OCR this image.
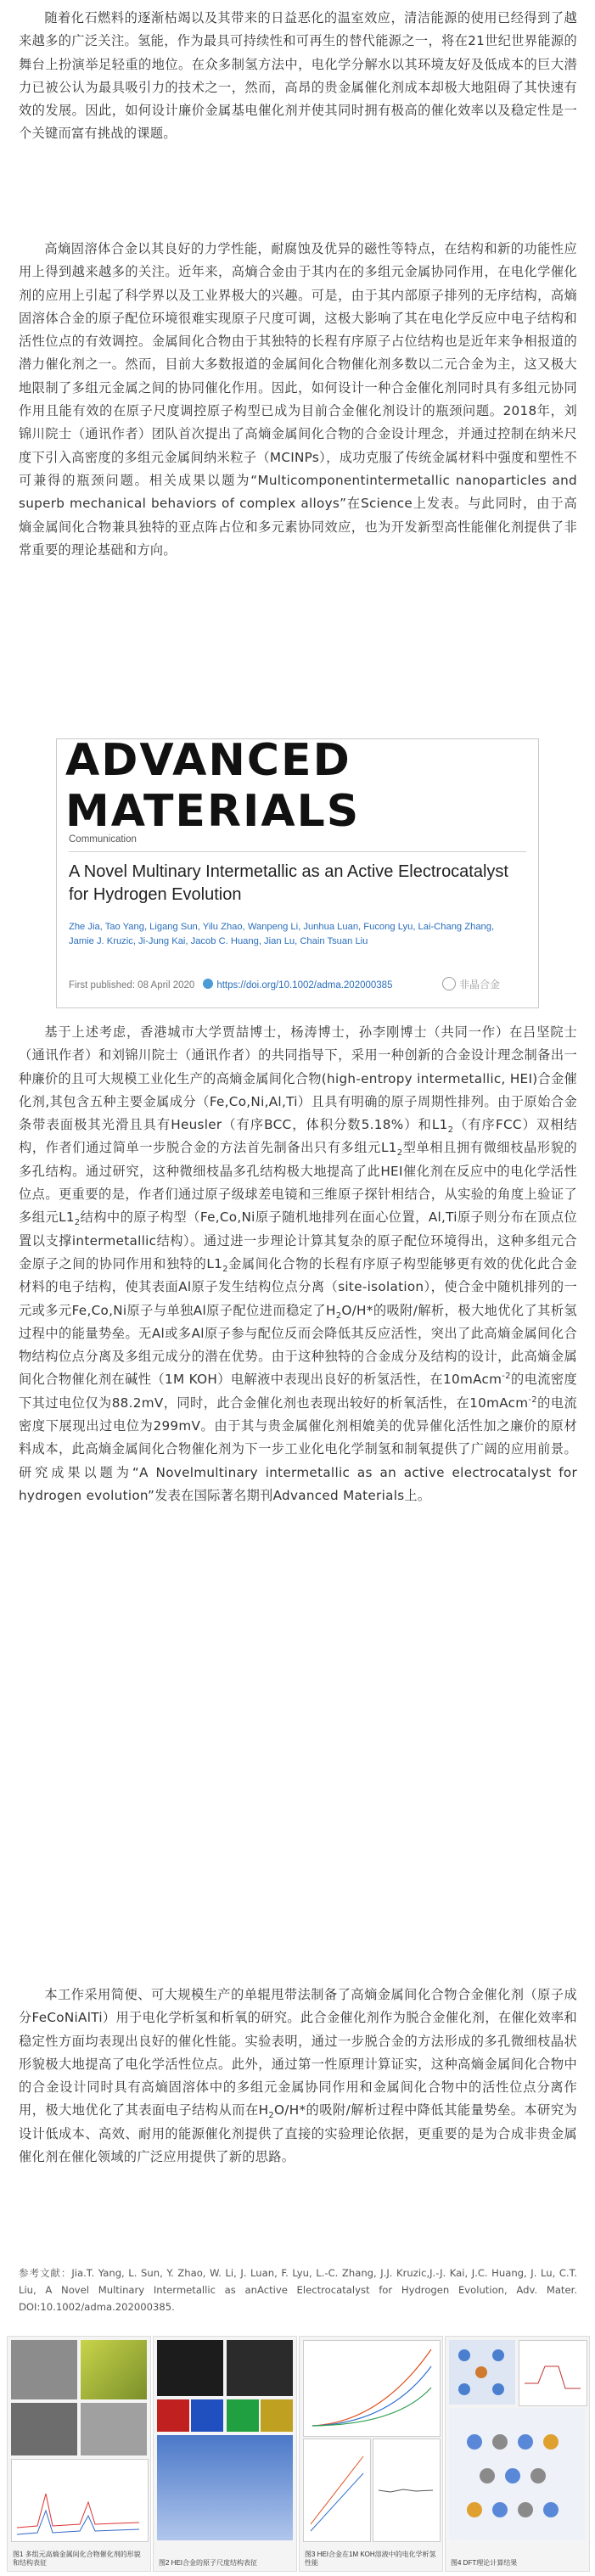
随着化石燃料的逐渐枯竭以及其带来的日益恶化的温室效应，清洁能源的使用已经得到了越来越多的广泛关注。氢能，作为最具可持续性和可再生的替代能源之一，将在21世纪世界能源的舞台上扮演举足轻重的地位。在众多制氢方法中，电化学分解水以其环境友好及低成本的巨大潜力已被公认为最具吸引力的技术之一，然而，高昂的贵金属催化剂成本却极大地阻碍了其快速有效的发展。因此，如何设计廉价金属基电催化剂并使其同时拥有极高的催化效率以及稳定性是一个关键而富有挑战的课题。

高熵固溶体合金以其良好的力学性能，耐腐蚀及优异的磁性等特点，在结构和新的功能性应用上得到越来越多的关注。近年来，高熵合金由于其内在的多组元金属协同作用，在电化学催化剂的应用上引起了科学界以及工业界极大的兴趣。可是，由于其内部原子排列的无序结构，高熵固溶体合金的原子配位环境很难实现原子尺度可调，这极大影响了其在电化学反应中电子结构和活性位点的有效调控。金属间化合物由于其独特的长程有序原子占位结构也是近年来争相报道的潜力催化剂之一。然而，目前大多数报道的金属间化合物催化剂多数以二元合金为主，这又极大地限制了多组元金属之间的协同催化作用。因此，如何设计一种合金催化剂同时具有多组元协同作用且能有效的在原子尺度调控原子构型已成为目前合金催化剂设计的瓶颈问题。2018年，刘锦川院士（通讯作者）团队首次提出了高熵金属间化合物的合金设计理念，并通过控制在纳米尺度下引入高密度的多组元金属间纳米粒子（MCINPs），成功克服了传统金属材料中强度和塑性不可兼得的瓶颈问题。相关成果以题为“Multicomponentintermetallic nanoparticles and superb mechanical behaviors of complex alloys”在Science上发表。与此同时，由于高熵金属间化合物兼具独特的亚点阵占位和多元素协同效应，也为开发新型高性能催化剂提供了非常重要的理论基础和方向。

ADVANCED MATERIALS
Communication
A Novel Multinary Intermetallic as an Active Electrocatalyst for Hydrogen Evolution
Zhe Jia, Tao Yang, Ligang Sun, Yilu Zhao, Wanpeng Li, Junhua Luan, Fucong Lyu, Lai-Chang Zhang, Jamie J. Kruzic, Ji-Jung Kai, Jacob C. Huang, Jian Lu, Chain Tsuan Liu
First published: 08 April 2020 https://doi.org/10.1002/adma.202000385	非晶合金

基于上述考虑，香港城市大学贾喆博士，杨涛博士，孙李刚博士（共同一作）在吕坚院士（通讯作者）和刘锦川院士（通讯作者）的共同指导下，采用一种创新的合金设计理念制备出一种廉价的且可大规模工业化生产的高熵金属间化合物(high-entropy intermetallic, HEI)合金催化剂,其包含五种主要金属成分（Fe,Co,Ni,Al,Ti）且具有明确的原子周期性排列。由于原始合金条带表面极其光滑且具有Heusler（有序BCC，体积分数5.18%）和$L1_2$（有序FCC）双相结构，作者们通过简单一步脱合金的方法首先制备出只有多组元$L1_2$型单相且拥有微细枝晶形貌的多孔结构。通过研究，这种微细枝晶多孔结构极大地提高了此HEI催化剂在反应中的电化学活性位点。更重要的是，作者们通过原子级球差电镜和三维原子探针相结合，从实验的角度上验证了多组元$L1_2$结构中的原子构型（Fe,Co,Ni原子随机地排列在面心位置，Al,Ti原子则分布在顶点位置以支撑intermetallic结构）。通过进一步理论计算其复杂的原子配位环境得出，这种多组元合金原子之间的协同作用和独特的$L1_2$金属间化合物的长程有序原子构型能够更有效的优化此合金材料的电子结构，使其表面Al原子发生结构位点分离（site-isolation），使合金中随机排列的一元或多元Fe,Co,Ni原子与单独Al原子配位进而稳定了$H_2O/H*$的吸附/解析，极大地优化了其析氢过程中的能量势垒。无Al或多Al原子参与配位反而会降低其反应活性，突出了此高熵金属间化合物结构位点分离及多组元成分的潜在优势。由于这种独特的合金成分及结构的设计，此高熵金属间化合物催化剂在碱性（1M KOH）电解液中表现出良好的析氢活性，在10mAcm$^{-2}$的电流密度下其过电位仅为88.2mV，同时，此合金催化剂也表现出较好的析氧活性，在10mAcm$^{-2}$的电流密度下展现出过电位为299mV。由于其与贵金属催化剂相媲美的优异催化活性加之廉价的原材料成本，此高熵金属间化合物催化剂为下一步工业化电化学制氢和制氧提供了广阔的应用前景。研究成果以题为“A Novelmultinary intermetallic as an active electrocatalyst for hydrogen evolution”发表在国际著名期刊Advanced Materials上。

本工作采用简便、可大规模生产的单辊甩带法制备了高熵金属间化合物合金催化剂（原子成分FeCoNiAlTi）用于电化学析氢和析氧的研究。此合金催化剂作为脱合金催化剂，在催化效率和稳定性方面均表现出良好的催化性能。实验表明，通过一步脱合金的方法形成的多孔微细枝晶状形貌极大地提高了电化学活性位点。此外，通过第一性原理计算证实，这种高熵金属间化合物中的合金设计同时具有高熵固溶体中的多组元金属协同作用和金属间化合物中的活性位点分离作用，极大地优化了其表面电子结构从而在$H_2O/H*$的吸附/解析过程中降低其能量势垒。本研究为设计低成本、高效、耐用的能源催化剂提供了直接的实验理论依据，更重要的是为合成非贵金属催化剂在催化领域的广泛应用提供了新的思路。

参考文献：Jia.T. Yang, L. Sun, Y. Zhao, W. Li, J. Luan, F. Lyu, L.-C. Zhang, J.J. Kruzic,J.-J. Kai, J.C. Huang, J. Lu, C.T. Liu, A Novel Multinary Intermetallic as anActive Electrocatalyst for Hydrogen Evolution, Adv. Mater. DOI:10.1002/adma.202000385.

图1 多组元高熵金属间化合物催化剂的形貌和结构表征	图2 HEI合金的原子尺度结构表征
图3 HEI合金在1M KOH溶液中的电化学析氢性能	图4 DFT理论计算结果
